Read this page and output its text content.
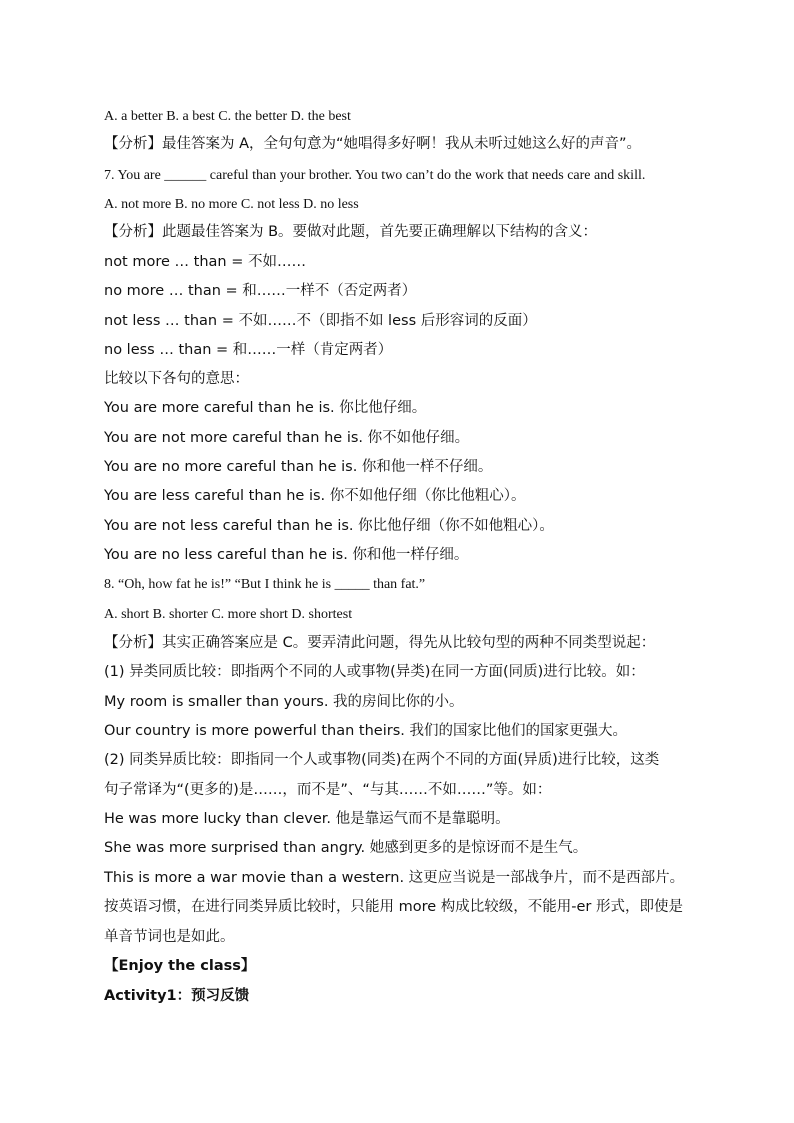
A. a better B. a best C. the better D. the best
【分析】最佳答案为 A，全句句意为“她唱得多好啊！我从未听过她这么好的声音”。
7. You are ______ careful than your brother. You two can’t do the work that needs care and skill.
A. not more B. no more C. not less D. no less
【分析】此题最佳答案为 B。要做对此题，首先要正确理解以下结构的含义：
not more … than = 不如……
no more … than = 和……一样不（否定两者）
not less … than = 不如……不（即指不如 less 后形容词的反面）
no less … than = 和……一样（肯定两者）
比较以下各句的意思：
You are more careful than he is. 你比他仔细。
You are not more careful than he is. 你不如他仔细。
You are no more careful than he is. 你和他一样不仔细。
You are less careful than he is. 你不如他仔细（你比他粗心）。
You are not less careful than he is. 你比他仔细（你不如他粗心）。
You are no less careful than he is. 你和他一样仔细。
8. “Oh, how fat he is!” “But I think he is _____ than fat.”
A. short B. shorter C. more short D. shortest
【分析】其实正确答案应是 C。要弄清此问题，得先从比较句型的两种不同类型说起：
(1) 异类同质比较：即指两个不同的人或事物(异类)在同一方面(同质)进行比较。如：
My room is smaller than yours. 我的房间比你的小。
Our country is more powerful than theirs. 我们的国家比他们的国家更强大。
(2) 同类异质比较：即指同一个人或事物(同类)在两个不同的方面(异质)进行比较，这类
句子常译为“(更多的)是……，而不是”、“与其……不如……”等。如：
He was more lucky than clever. 他是靠运气而不是靠聪明。
She was more surprised than angry. 她感到更多的是惊讶而不是生气。
This is more a war movie than a western. 这更应当说是一部战争片，而不是西部片。
按英语习惯，在进行同类异质比较时，只能用 more 构成比较级，不能用-er 形式，即使是
单音节词也是如此。
【Enjoy the class】
Activity1：预习反馈
